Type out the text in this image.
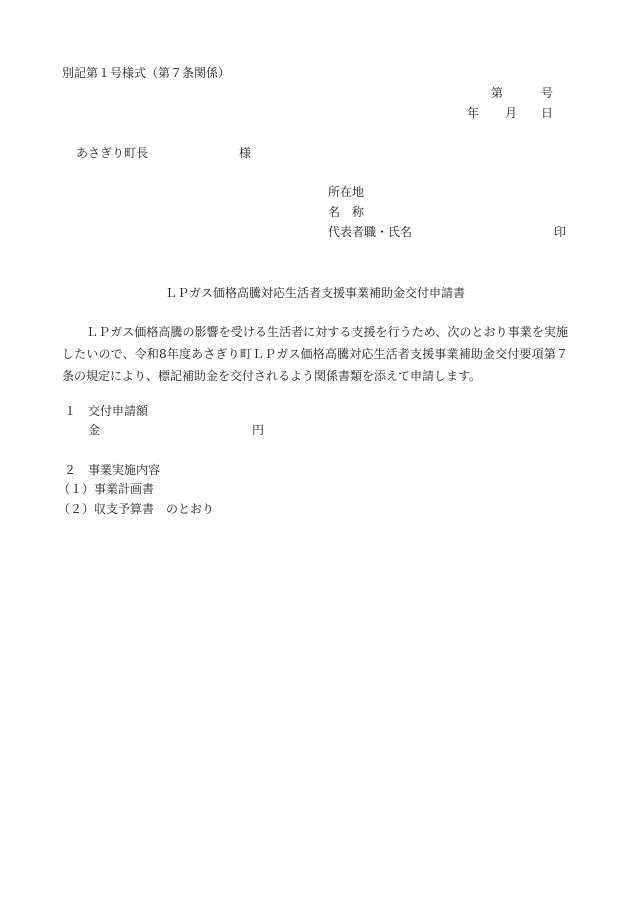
別記第１号様式（第７条関係）
第	号
年 月 日
あさぎり町長	様
所在地
名　称
代表者職・氏名	印
ＬＰガス価格高騰対応生活者支援事業補助金交付申請書
ＬＰガス価格高騰の影響を受ける生活者に対する支援を行うため、次のとおり事業を実施したいので、令和8年度あさぎり町ＬＰガス価格高騰対応生活者支援事業補助金交付要項第７条の規定により、標記補助金を交付されるよう関係書類を添えて申請します。
１　交付申請額
金	円
２　事業実施内容
（１）事業計画書
（２）収支予算書　のとおり
